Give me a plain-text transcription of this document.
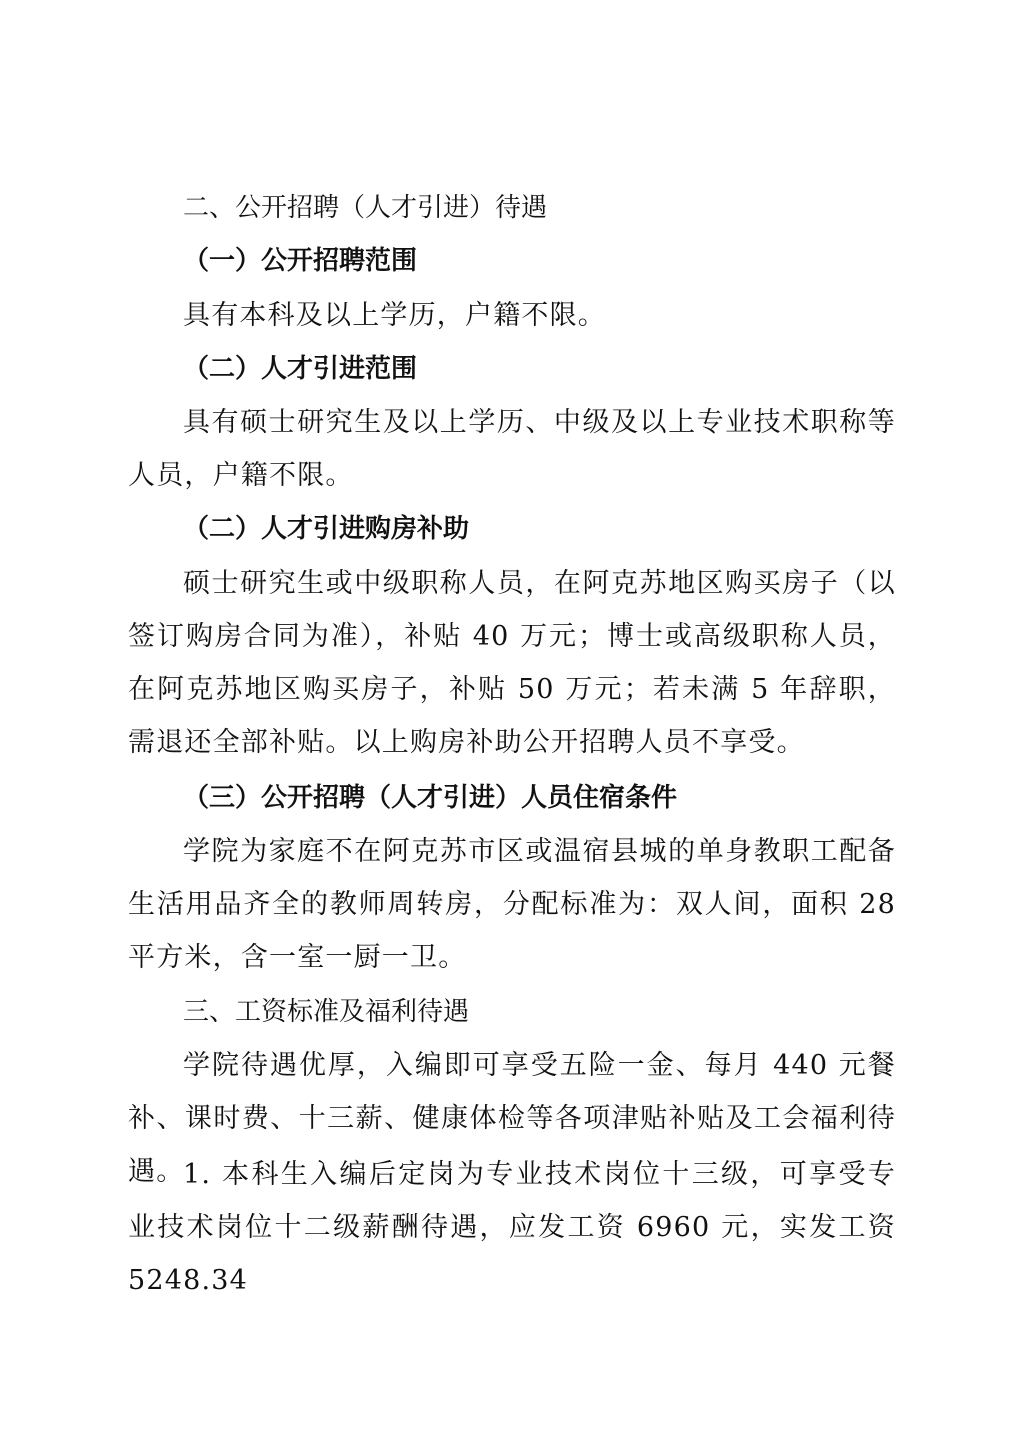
二、公开招聘（人才引进）待遇
（一）公开招聘范围
具有本科及以上学历，户籍不限。
（二）人才引进范围
具有硕士研究生及以上学历、中级及以上专业技术职称等人员，户籍不限。
（二）人才引进购房补助
硕士研究生或中级职称人员，在阿克苏地区购买房子（以签订购房合同为准），补贴 40 万元；博士或高级职称人员，在阿克苏地区购买房子，补贴 50 万元；若未满 5 年辞职，需退还全部补贴。以上购房补助公开招聘人员不享受。
（三）公开招聘（人才引进）人员住宿条件
学院为家庭不在阿克苏市区或温宿县城的单身教职工配备生活用品齐全的教师周转房，分配标准为：双人间，面积 28 平方米，含一室一厨一卫。
三、工资标准及福利待遇
学院待遇优厚，入编即可享受五险一金、每月 440 元餐补、课时费、十三薪、健康体检等各项津贴补贴及工会福利待遇。
1. 本科生入编后定岗为专业技术岗位十三级，可享受专业技术岗位十二级薪酬待遇，应发工资 6960 元，实发工资 5248.34
